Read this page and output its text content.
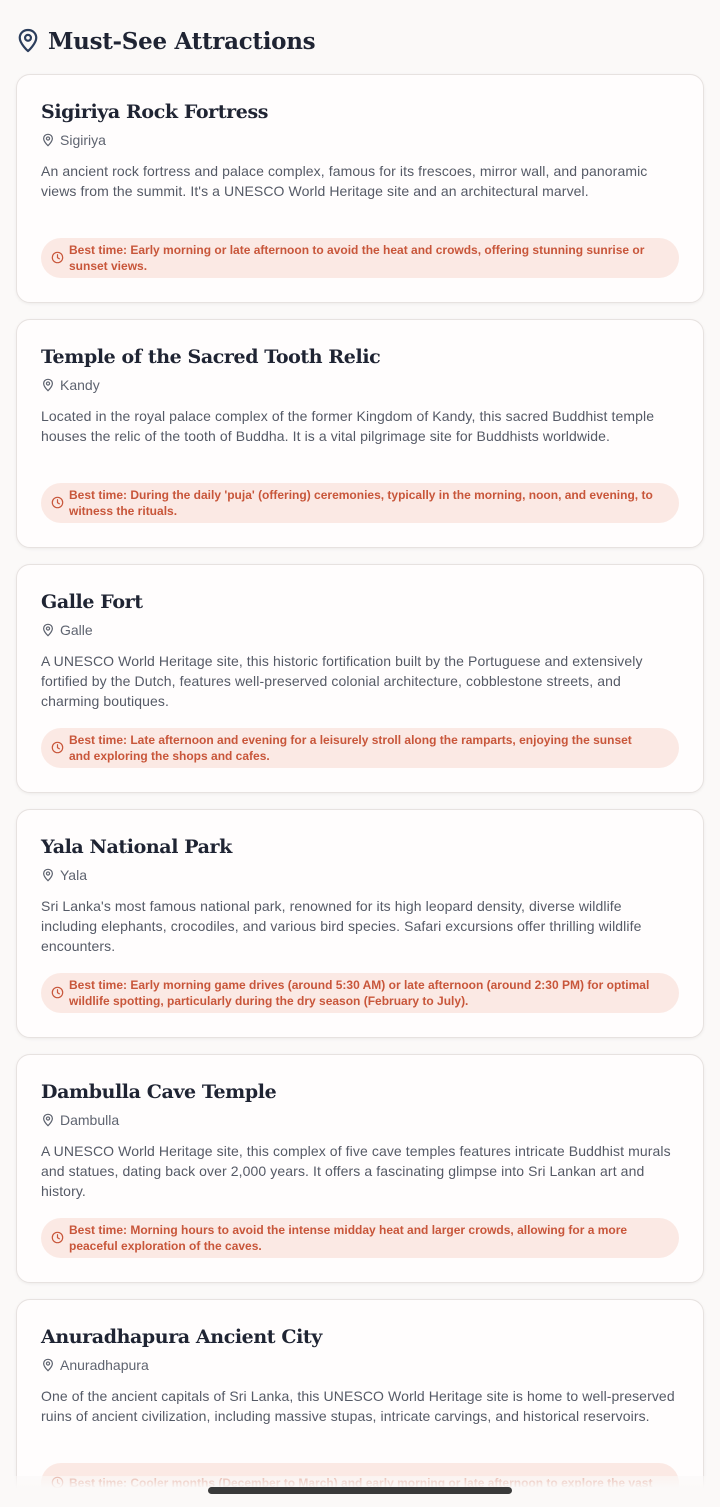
Must-See Attractions
Sigiriya Rock Fortress
Sigiriya

An ancient rock fortress and palace complex, famous for its frescoes, mirror wall, and panoramic views from the summit. It's a UNESCO World Heritage site and an architectural marvel.

Best time: Early morning or late afternoon to avoid the heat and crowds, offering stunning sunrise or sunset views.
Temple of the Sacred Tooth Relic
Kandy

Located in the royal palace complex of the former Kingdom of Kandy, this sacred Buddhist temple houses the relic of the tooth of Buddha. It is a vital pilgrimage site for Buddhists worldwide.

Best time: During the daily 'puja' (offering) ceremonies, typically in the morning, noon, and evening, to witness the rituals.
Galle Fort
Galle

A UNESCO World Heritage site, this historic fortification built by the Portuguese and extensively fortified by the Dutch, features well-preserved colonial architecture, cobblestone streets, and charming boutiques.

Best time: Late afternoon and evening for a leisurely stroll along the ramparts, enjoying the sunset and exploring the shops and cafes.
Yala National Park
Yala

Sri Lanka's most famous national park, renowned for its high leopard density, diverse wildlife including elephants, crocodiles, and various bird species. Safari excursions offer thrilling wildlife encounters.

Best time: Early morning game drives (around 5:30 AM) or late afternoon (around 2:30 PM) for optimal wildlife spotting, particularly during the dry season (February to July).
Dambulla Cave Temple
Dambulla

A UNESCO World Heritage site, this complex of five cave temples features intricate Buddhist murals and statues, dating back over 2,000 years. It offers a fascinating glimpse into Sri Lankan art and history.

Best time: Morning hours to avoid the intense midday heat and larger crowds, allowing for a more peaceful exploration of the caves.
Anuradhapura Ancient City
Anuradhapura

One of the ancient capitals of Sri Lanka, this UNESCO World Heritage site is home to well-preserved ruins of ancient civilization, including massive stupas, intricate carvings, and historical reservoirs.
